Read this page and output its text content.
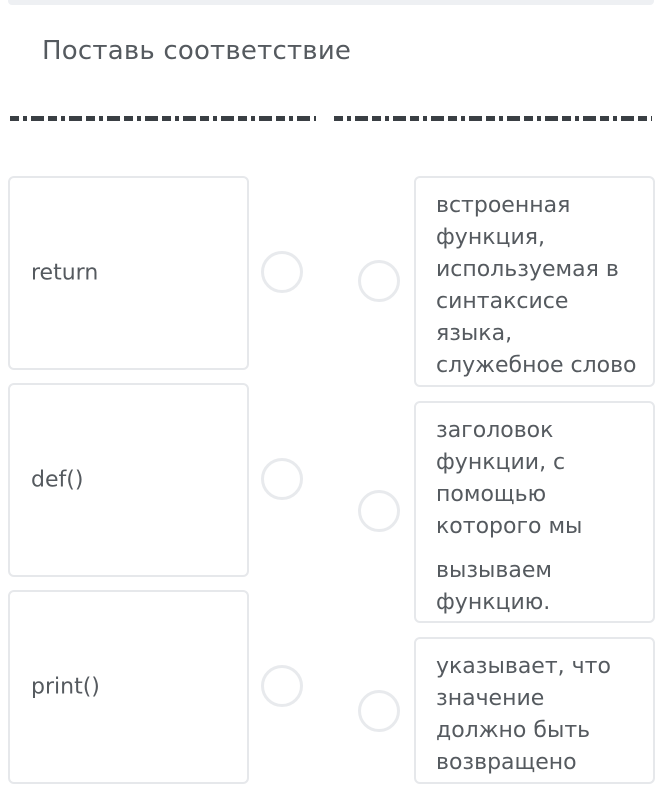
Поставь соответствие
return
def()
print()
встроенная
функция,
используемая в
синтаксисе
языка,
служебное слово
заголовок
функции, с
помощью
которого мы
вызываем
функцию.
указывает, что
значение
должно быть
возвращено
